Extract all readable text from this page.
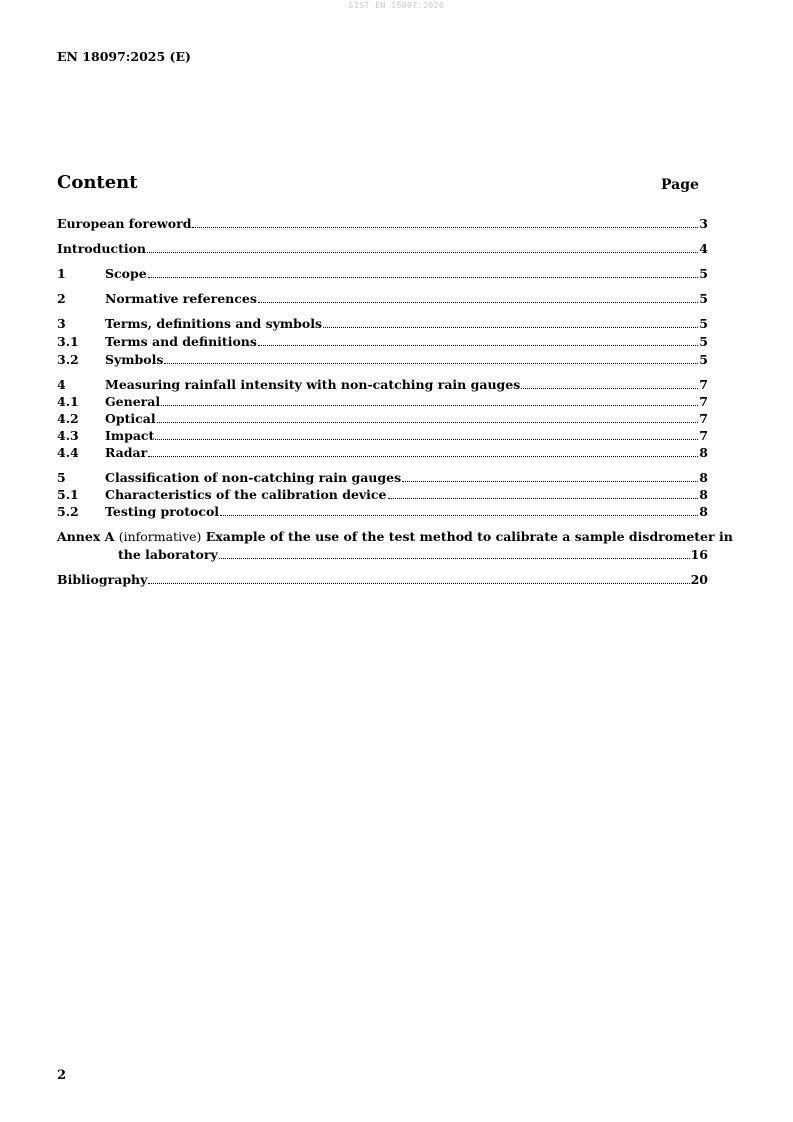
SIST EN 18097:2026
EN 18097:2025 (E)
Content	Page
European foreword	3
Introduction	4
1	Scope	5
2	Normative references	5
3	Terms, definitions and symbols	5
3.1	Terms and definitions	5
3.2	Symbols	5
4	Measuring rainfall intensity with non-catching rain gauges	7
4.1	General	7
4.2	Optical	7
4.3	Impact	7
4.4	Radar	8
5	Classification of non-catching rain gauges	8
5.1	Characteristics of the calibration device	8
5.2	Testing protocol	8
Annex A (informative) Example of the use of the test method to calibrate a sample disdrometer in
the laboratory	16
Bibliography	20
2
